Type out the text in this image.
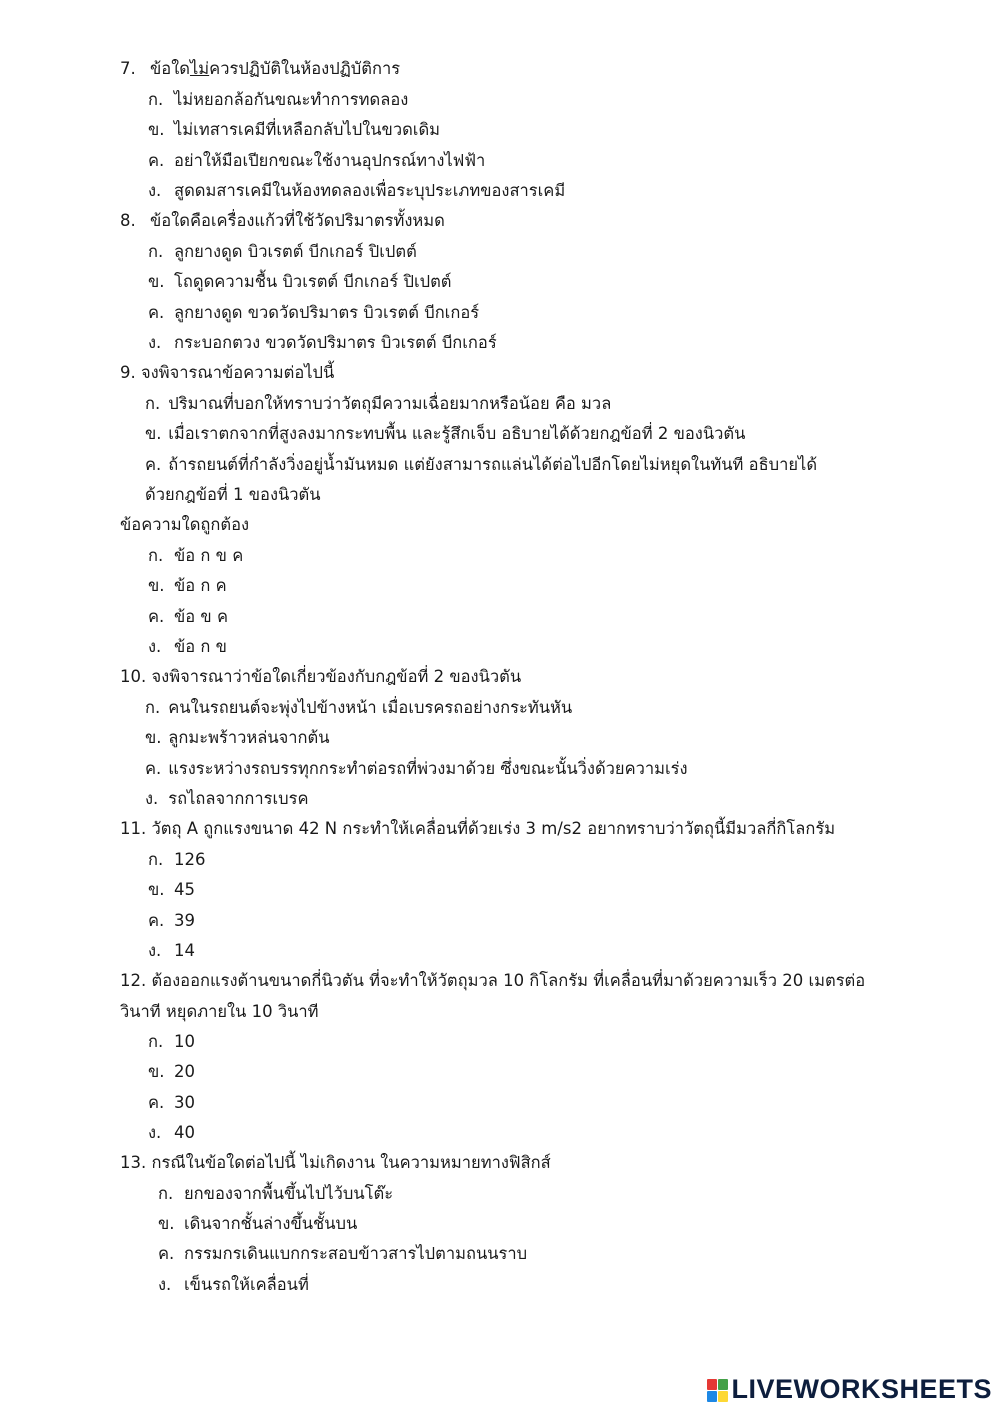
7. ข้อใดไม่ควรปฏิบัติในห้องปฏิบัติการ
ก. ไม่หยอกล้อกันขณะทำการทดลอง
ข. ไม่เทสารเคมีที่เหลือกลับไปในขวดเดิม
ค. อย่าให้มือเปียกขณะใช้งานอุปกรณ์ทางไฟฟ้า
ง. สูดดมสารเคมีในห้องทดลองเพื่อระบุประเภทของสารเคมี
8. ข้อใดคือเครื่องแก้วที่ใช้วัดปริมาตรทั้งหมด
ก. ลูกยางดูด บิวเรตต์ บีกเกอร์ ปิเปตต์
ข. โถดูดความชื้น บิวเรตต์ บีกเกอร์ ปิเปตต์
ค. ลูกยางดูด ขวดวัดปริมาตร บิวเรตต์ บีกเกอร์
ง. กระบอกตวง ขวดวัดปริมาตร บิวเรตต์ บีกเกอร์
9. จงพิจารณาข้อความต่อไปนี้
ก. ปริมาณที่บอกให้ทราบว่าวัตถุมีความเฉื่อยมากหรือน้อย คือ มวล
ข. เมื่อเราตกจากที่สูงลงมากระทบพื้น และรู้สึกเจ็บ อธิบายได้ด้วยกฎข้อที่ 2 ของนิวตัน
ค. ถ้ารถยนต์ที่กำลังวิ่งอยู่น้ำมันหมด แต่ยังสามารถแล่นได้ต่อไปอีกโดยไม่หยุดในทันที อธิบายได้
ด้วยกฎข้อที่ 1 ของนิวตัน
ข้อความใดถูกต้อง
ก. ข้อ ก ข ค
ข. ข้อ ก ค
ค. ข้อ ข ค
ง. ข้อ ก ข
10. จงพิจารณาว่าข้อใดเกี่ยวข้องกับกฎข้อที่ 2 ของนิวตัน
ก. คนในรถยนต์จะพุ่งไปข้างหน้า เมื่อเบรครถอย่างกระทันหัน
ข. ลูกมะพร้าวหล่นจากต้น
ค. แรงระหว่างรถบรรทุกกระทำต่อรถที่พ่วงมาด้วย ซึ่งขณะนั้นวิ่งด้วยความเร่ง
ง. รถไถลจากการเบรค
11. วัตถุ A ถูกแรงขนาด 42 N กระทำให้เคลื่อนที่ด้วยเร่ง 3 m/s2 อยากทราบว่าวัตถุนี้มีมวลกี่กิโลกรัม
ก. 126
ข. 45
ค. 39
ง. 14
12. ต้องออกแรงต้านขนาดกี่นิวตัน ที่จะทำให้วัตถุมวล 10 กิโลกรัม ที่เคลื่อนที่มาด้วยความเร็ว 20 เมตรต่อ
วินาที หยุดภายใน 10 วินาที
ก. 10
ข. 20
ค. 30
ง. 40
13. กรณีในข้อใดต่อไปนี้ ไม่เกิดงาน ในความหมายทางฟิสิกส์
ก. ยกของจากพื้นขึ้นไปไว้บนโต๊ะ
ข. เดินจากชั้นล่างขึ้นชั้นบน
ค. กรรมกรเดินแบกกระสอบข้าวสารไปตามถนนราบ
ง. เข็นรถให้เคลื่อนที่
LIVEWORKSHEETS
